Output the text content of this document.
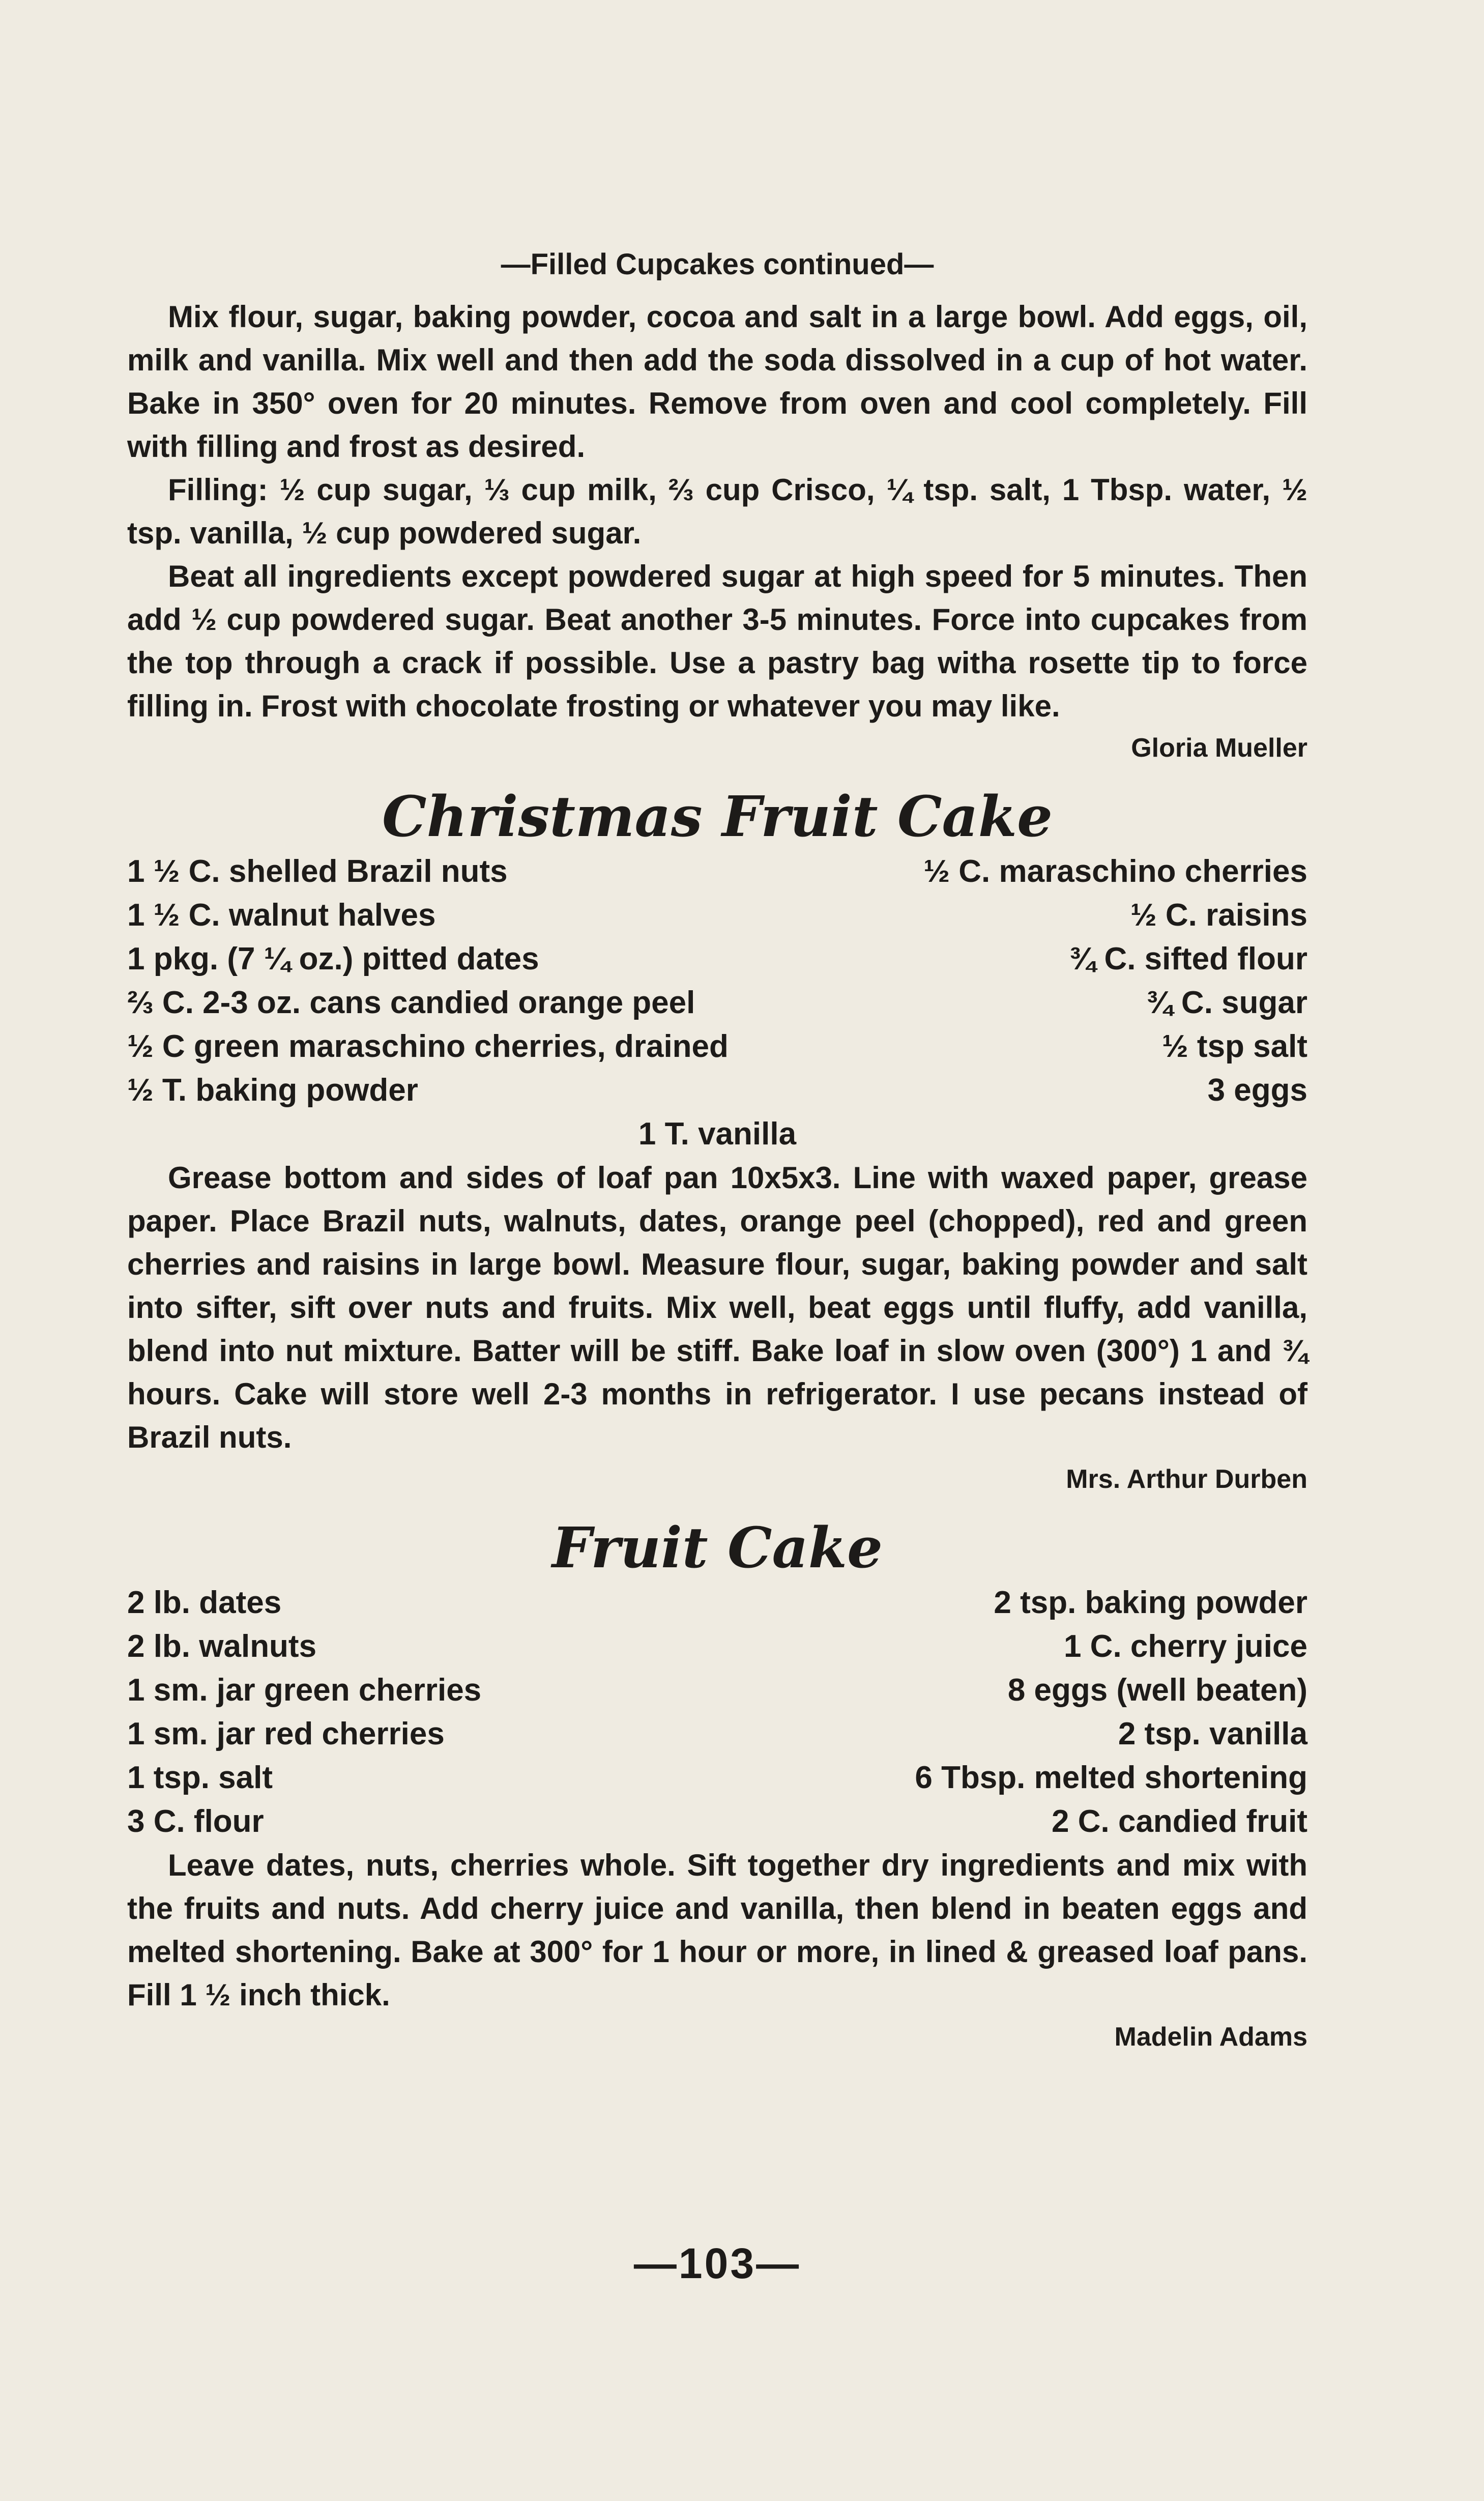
—Filled Cupcakes continued—

Mix flour, sugar, baking powder, cocoa and salt in a large bowl. Add eggs, oil, milk and vanilla. Mix well and then add the soda dissolved in a cup of hot water. Bake in 350° oven for 20 minutes. Remove from oven and cool completely. Fill with filling and frost as desired.

Filling: ½ cup sugar, ⅓ cup milk, ⅔ cup Crisco, ¼ tsp. salt, 1 Tbsp. water, ½ tsp. vanilla, ½ cup powdered sugar.

Beat all ingredients except powdered sugar at high speed for 5 minutes. Then add ½ cup powdered sugar. Beat another 3-5 minutes. Force into cupcakes from the top through a crack if possible. Use a pastry bag witha rosette tip to force filling in. Frost with chocolate frosting or whatever you may like.

Gloria Mueller

Christmas Fruit Cake
1 ½ C. shelled Brazil nuts
1 ½ C. walnut halves
1 pkg. (7 ¼ oz.) pitted dates
⅔ C. 2-3 oz. cans candied orange peel
½ C green maraschino cherries, drained
½ T. baking powder
½ C. maraschino cherries
½ C. raisins
¾ C. sifted flour
¾ C. sugar
½ tsp salt
3 eggs
1 T. vanilla

Grease bottom and sides of loaf pan 10x5x3. Line with waxed paper, grease paper. Place Brazil nuts, walnuts, dates, orange peel (chopped), red and green cherries and raisins in large bowl. Measure flour, sugar, baking powder and salt into sifter, sift over nuts and fruits. Mix well, beat eggs until fluffy, add vanilla, blend into nut mixture. Batter will be stiff. Bake loaf in slow oven (300°) 1 and ¾ hours. Cake will store well 2-3 months in refrigerator. I use pecans instead of Brazil nuts.

Mrs. Arthur Durben

Fruit Cake
2 lb. dates
2 lb. walnuts
1 sm. jar green cherries
1 sm. jar red cherries
1 tsp. salt
3 C. flour
2 tsp. baking powder
1 C. cherry juice
8 eggs (well beaten)
2 tsp. vanilla
6 Tbsp. melted shortening
2 C. candied fruit

Leave dates, nuts, cherries whole. Sift together dry ingredients and mix with the fruits and nuts. Add cherry juice and vanilla, then blend in beaten eggs and melted shortening. Bake at 300° for 1 hour or more, in lined & greased loaf pans. Fill 1 ½ inch thick.

Madelin Adams

—103—
